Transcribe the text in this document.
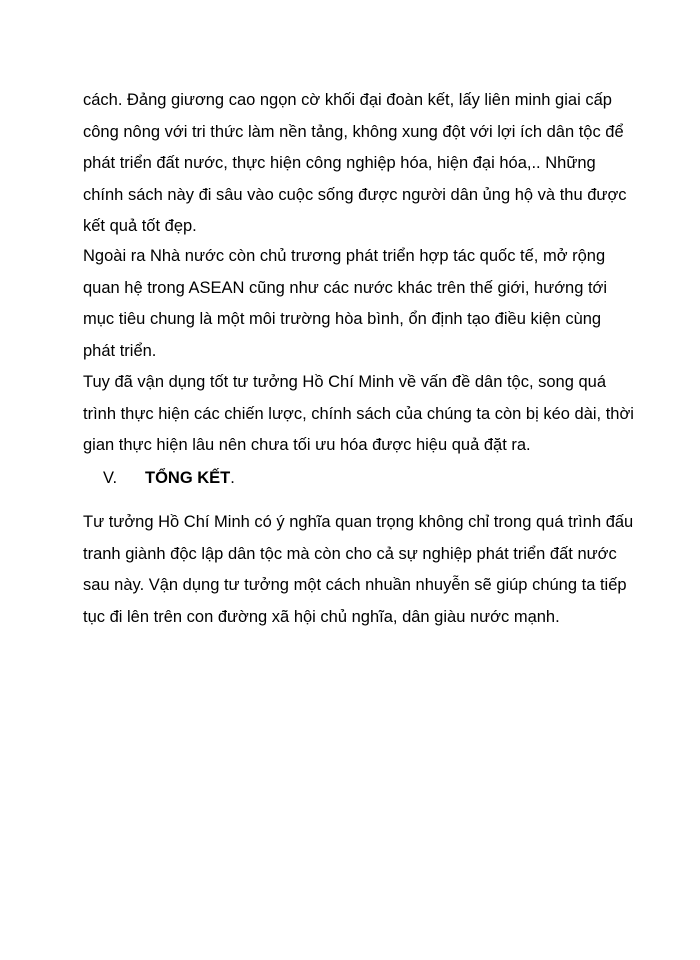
cách. Đảng giương cao ngọn cờ khối đại đoàn kết, lấy liên minh giai cấp
công nông với tri thức làm nền tảng, không xung đột với lợi ích dân tộc để
phát triển đất nước, thực hiện công nghiệp hóa, hiện đại hóa,.. Những
chính sách này đi sâu vào cuộc sống được người dân ủng hộ và thu được
kết quả tốt đẹp.
Ngoài ra Nhà nước còn chủ trương phát triển hợp tác quốc tế, mở rộng
quan hệ trong ASEAN cũng như các nước khác trên thế giới, hướng tới
mục tiêu chung là một môi trường hòa bình, ổn định tạo điều kiện cùng
phát triển.
Tuy đã vận dụng tốt tư tưởng Hồ Chí Minh về vấn đề dân tộc, song quá
trình thực hiện các chiến lược, chính sách của chúng ta còn bị kéo dài, thời
gian thực hiện lâu nên chưa tối ưu hóa được hiệu quả đặt ra.
V. TỔNG KẾT.
Tư tưởng Hồ Chí Minh có ý nghĩa quan trọng không chỉ trong quá trình đấu
tranh giành độc lập dân tộc mà còn cho cả sự nghiệp phát triển đất nước
sau này. Vận dụng tư tưởng một cách nhuần nhuyễn sẽ giúp chúng ta tiếp
tục đi lên trên con đường xã hội chủ nghĩa, dân giàu nước mạnh.
